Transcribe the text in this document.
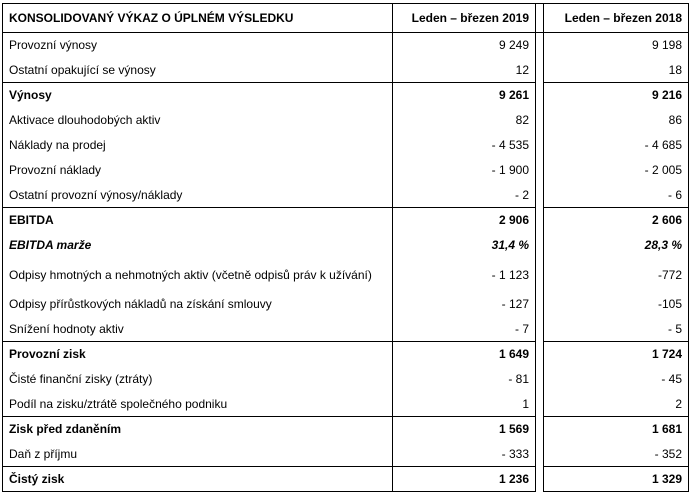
KONSOLIDOVANÝ VÝKAZ O ÚPLNÉM VÝSLEDKU	Leden – březen 2019		Leden – březen 2018
Provozní výnosy	9 249		9 198
Ostatní opakující se výnosy	12		18
Výnosy	9 261		9 216
Aktivace dlouhodobých aktiv	82		86
Náklady na prodej	- 4 535		- 4 685
Provozní náklady	- 1 900		- 2 005
Ostatní provozní výnosy/náklady	- 2		- 6
EBITDA	2 906		2 606
EBITDA marže	31,4 %		28,3 %
Odpisy hmotných a nehmotných aktiv (včetně odpisů práv k užívání)	- 1 123		-772
Odpisy přírůstkových nákladů na získání smlouvy	- 127		-105
Snížení hodnoty aktiv	- 7		- 5
Provozní zisk	1 649		1 724
Čisté finanční zisky (ztráty)	- 81		- 45
Podíl na zisku/ztrátě společného podniku	1		2
Zisk před zdaněním	1 569		1 681
Daň z příjmu	- 333		- 352
Čistý zisk	1 236		1 329
